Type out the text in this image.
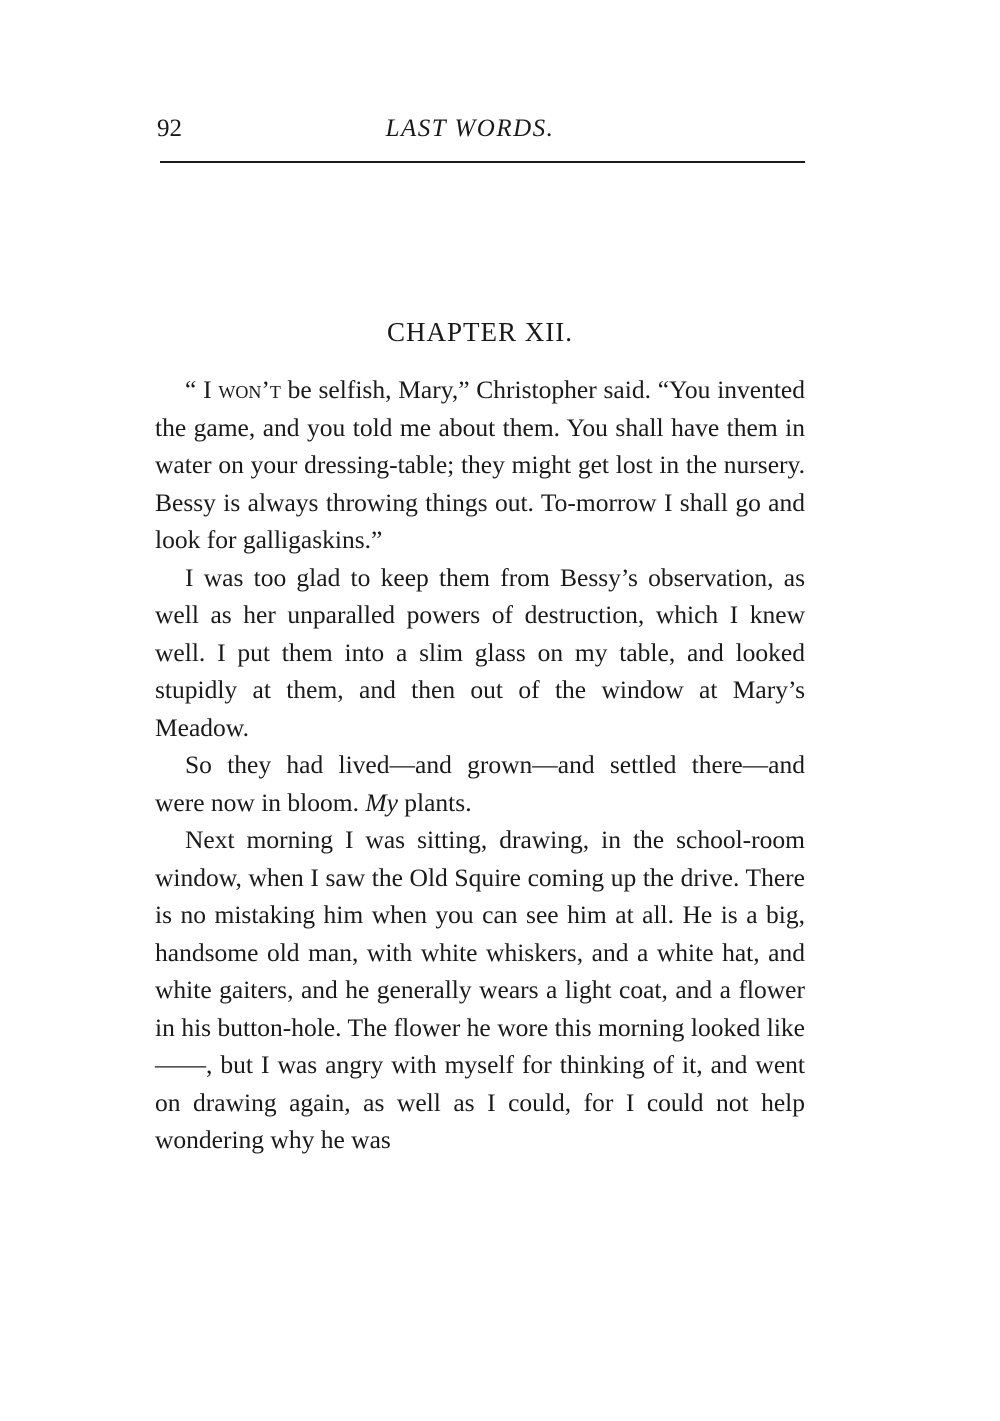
92	LAST WORDS.
CHAPTER XII.

“ I won’t be selfish, Mary,” Christopher said. “You invented the game, and you told me about them. You shall have them in water on your dressing-table; they might get lost in the nursery. Bessy is always throwing things out. To-morrow I shall go and look for galligaskins.”

I was too glad to keep them from Bessy’s observation, as well as her unparalled powers of destruction, which I knew well. I put them into a slim glass on my table, and looked stupidly at them, and then out of the window at Mary’s Meadow.

So they had lived—and grown—and settled there—and were now in bloom. My plants.

Next morning I was sitting, drawing, in the school-room window, when I saw the Old Squire coming up the drive. There is no mistaking him when you can see him at all. He is a big, handsome old man, with white whiskers, and a white hat, and white gaiters, and he generally wears a light coat, and a flower in his button-hole. The flower he wore this morning looked like——, but I was angry with myself for thinking of it, and went on drawing again, as well as I could, for I could not help wondering why he was
